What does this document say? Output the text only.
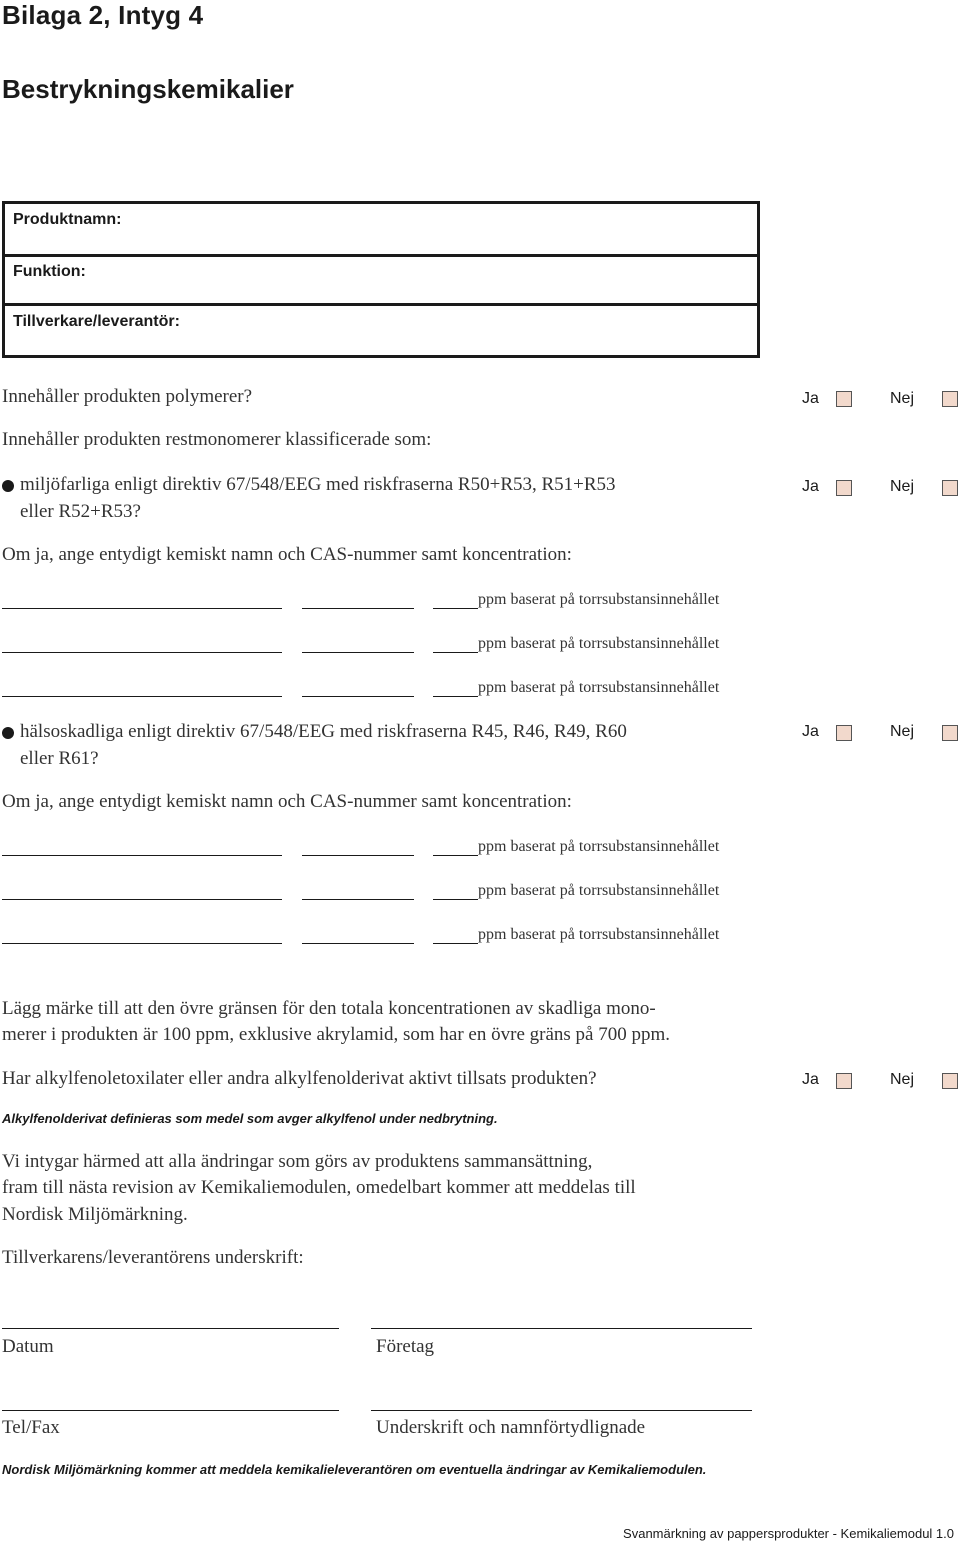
Bilaga 2, Intyg 4
Bestrykningskemikalier
Produktnamn:
Funktion:
Tillverkare/leverantör:
Innehåller produkten polymerer?	Ja	Nej
Innehåller produkten restmonomerer klassificerade som:
miljöfarliga enligt direktiv 67/548/EEG med riskfraserna R50+R53, R51+R53
eller R52+R53?
Ja	Nej
Om ja, ange entydigt kemiskt namn och CAS-nummer samt koncentration:
ppm baserat på torrsubstansinnehållet
ppm baserat på torrsubstansinnehållet
ppm baserat på torrsubstansinnehållet
hälsoskadliga enligt direktiv 67/548/EEG med riskfraserna R45, R46, R49, R60
eller R61?
Ja	Nej
Om ja, ange entydigt kemiskt namn och CAS-nummer samt koncentration:
ppm baserat på torrsubstansinnehållet
ppm baserat på torrsubstansinnehållet
ppm baserat på torrsubstansinnehållet
Lägg märke till att den övre gränsen för den totala koncentrationen av skadliga mono-
merer i produkten är 100 ppm, exklusive akrylamid, som har en övre gräns på 700 ppm.
Har alkylfenoletoxilater eller andra alkylfenolderivat aktivt tillsats produkten?	Ja	Nej
Alkylfenolderivat definieras som medel som avger alkylfenol under nedbrytning.
Vi intygar härmed att alla ändringar som görs av produktens sammansättning,
fram till nästa revision av Kemikaliemodulen, omedelbart kommer att meddelas till
Nordisk Miljömärkning.
Tillverkarens/leverantörens underskrift:
Datum	Företag
Tel/Fax	Underskrift och namnförtydlignade
Nordisk Miljömärkning kommer att meddela kemikalieleverantören om eventuella ändringar av Kemikaliemodulen.
Svanmärkning av pappersprodukter - Kemikaliemodul 1.0
